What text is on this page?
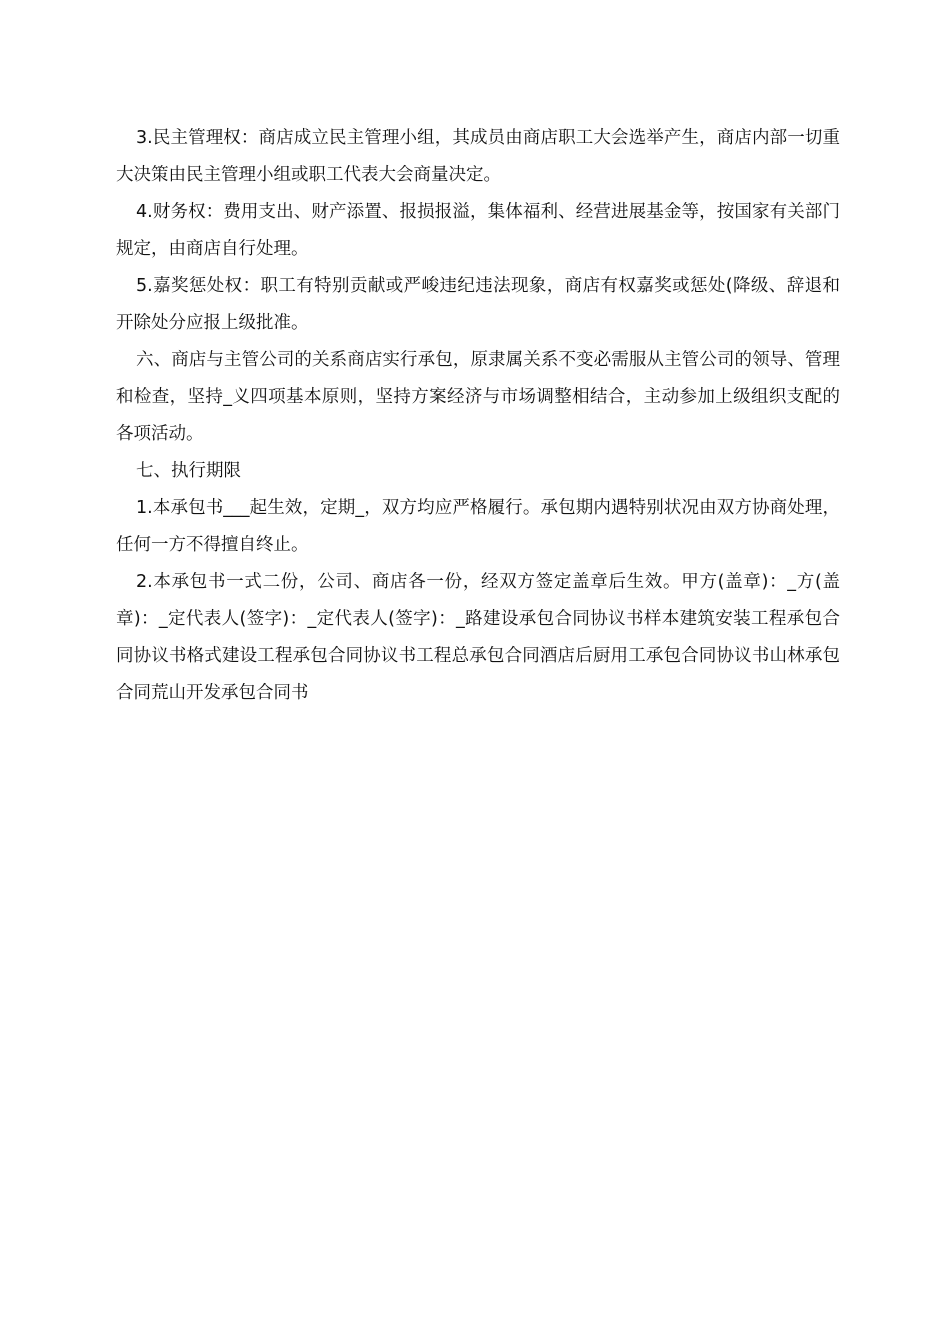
3.民主管理权：商店成立民主管理小组，其成员由商店职工大会选举产生，商店内部一切重大决策由民主管理小组或职工代表大会商量决定。

4.财务权：费用支出、财产添置、报损报溢，集体福利、经营进展基金等，按国家有关部门规定，由商店自行处理。

5.嘉奖惩处权：职工有特别贡献或严峻违纪违法现象，商店有权嘉奖或惩处(降级、辞退和开除处分应报上级批准。

六、商店与主管公司的关系商店实行承包，原隶属关系不变必需服从主管公司的领导、管理和检查，坚持_义四项基本原则，坚持方案经济与市场调整相结合，主动参加上级组织支配的各项活动。

七、执行期限

1.本承包书___起生效，定期_，双方均应严格履行。承包期内遇特别状况由双方协商处理，任何一方不得擅自终止。

2.本承包书一式二份，公司、商店各一份，经双方签定盖章后生效。甲方(盖章)：_方(盖章)：_定代表人(签字)：_定代表人(签字)：_路建设承包合同协议书样本建筑安装工程承包合同协议书格式建设工程承包合同协议书工程总承包合同酒店后厨用工承包合同协议书山林承包合同荒山开发承包合同书
